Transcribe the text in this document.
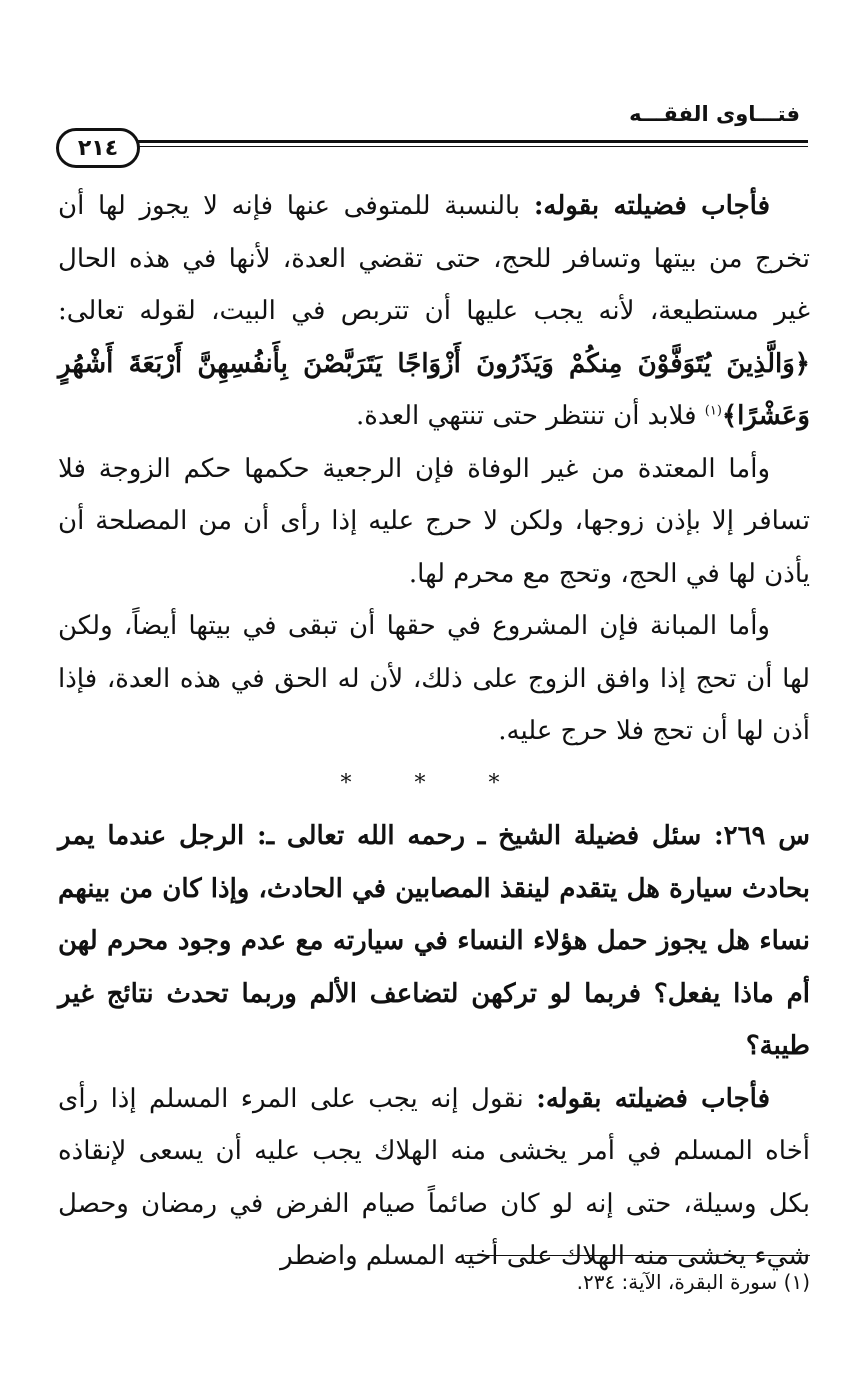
فتـــاوى الفقـــه
٢١٤

فأجاب فضيلته بقوله: بالنسبة للمتوفى عنها فإنه لا يجوز لها أن تخرج من بيتها وتسافر للحج، حتى تقضي العدة، لأنها في هذه الحال غير مستطيعة، لأنه يجب عليها أن تتربص في البيت، لقوله تعالى: ﴿وَالَّذِينَ يُتَوَفَّوْنَ مِنكُمْ وَيَذَرُونَ أَزْوَاجًا يَتَرَبَّصْنَ بِأَنفُسِهِنَّ أَرْبَعَةَ أَشْهُرٍ وَعَشْرًا﴾$^{(١)}$ فلابد أن تنتظر حتى تنتهي العدة.

وأما المعتدة من غير الوفاة فإن الرجعية حكمها حكم الزوجة فلا تسافر إلا بإذن زوجها، ولكن لا حرج عليه إذا رأى أن من المصلحة أن يأذن لها في الحج، وتحج مع محرم لها.

وأما المبانة فإن المشروع في حقها أن تبقى في بيتها أيضاً، ولكن لها أن تحج إذا وافق الزوج على ذلك، لأن له الحق في هذه العدة، فإذا أذن لها أن تحج فلا حرج عليه.

* * *

س ٢٦٩: سئل فضيلة الشيخ ـ رحمه الله تعالى ـ: الرجل عندما يمر بحادث سيارة هل يتقدم لينقذ المصابين في الحادث، وإذا كان من بينهم نساء هل يجوز حمل هؤلاء النساء في سيارته مع عدم وجود محرم لهن أم ماذا يفعل؟ فربما لو تركهن لتضاعف الألم وربما تحدث نتائج غير طيبة؟

فأجاب فضيلته بقوله: نقول إنه يجب على المرء المسلم إذا رأى أخاه المسلم في أمر يخشى منه الهلاك يجب عليه أن يسعى لإنقاذه بكل وسيلة، حتى إنه لو كان صائماً صيام الفرض في رمضان وحصل شيء يخشى منه الهلاك على أخيه المسلم واضطر

(١) سورة البقرة، الآية: ٢٣٤.
